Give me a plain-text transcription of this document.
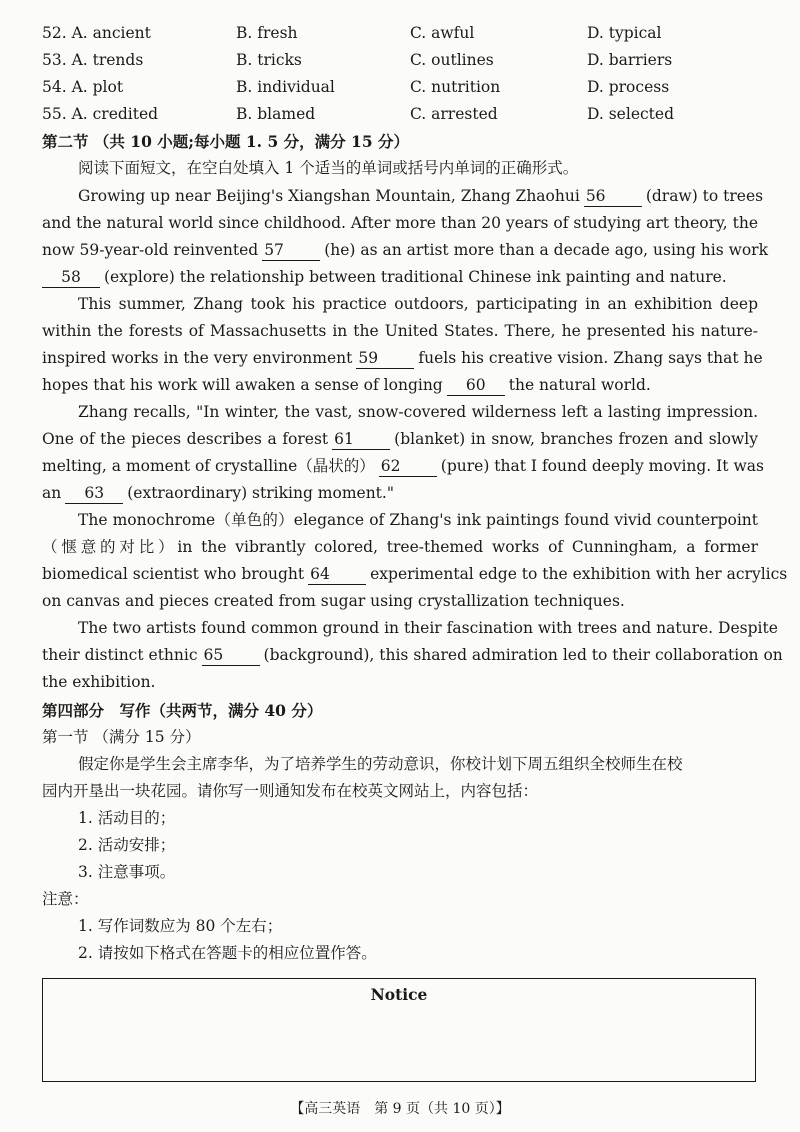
52. A. ancient	B. fresh	C. awful	D. typical
53. A. trends	B. tricks	C. outlines	D. barriers
54. A. plot	B. individual	C. nutrition	D. process
55. A. credited	B. blamed	C. arrested	D. selected
第二节 （共 10 小题;每小题 1. 5 分，满分 15 分）
阅读下面短文，在空白处填入 1 个适当的单词或括号内单词的正确形式。
Growing up near Beijing's Xiangshan Mountain, Zhang Zhaohui 56	(draw) to trees
and the natural world since childhood. After more than 20 years of studying art theory, the
now 59-year-old reinvented 57	(he) as an artist more than a decade ago, using his work
58 (explore) the relationship between traditional Chinese ink painting and nature.
This summer, Zhang took his practice outdoors, participating in an exhibition deep
within the forests of Massachusetts in the United States. There, he presented his nature-
inspired works in the very environment 59	fuels his creative vision. Zhang says that he
hopes that his work will awaken a sense of longing 60 the natural world.
Zhang recalls, "In winter, the vast, snow-covered wilderness left a lasting impression.
One of the pieces describes a forest 61	(blanket) in snow, branches frozen and slowly
melting, a moment of crystalline（晶状的） 62	(pure) that I found deeply moving. It was
an 63 (extraordinary) striking moment."
The monochrome（单色的）elegance of Zhang's ink paintings found vivid counterpoint
（惬意的对比）in the vibrantly colored, tree-themed works of Cunningham, a former
biomedical scientist who brought 64	experimental edge to the exhibition with her acrylics
on canvas and pieces created from sugar using crystallization techniques.
The two artists found common ground in their fascination with trees and nature. Despite
their distinct ethnic 65	(background), this shared admiration led to their collaboration on
the exhibition.
第四部分　写作（共两节，满分 40 分）
第一节 （满分 15 分）
假定你是学生会主席李华，为了培养学生的劳动意识，你校计划下周五组织全校师生在校
园内开垦出一块花园。请你写一则通知发布在校英文网站上，内容包括：
1. 活动目的；
2. 活动安排；
3. 注意事项。
注意：
1. 写作词数应为 80 个左右；
2. 请按如下格式在答题卡的相应位置作答。
Notice
【高三英语　第 9 页（共 10 页）】
